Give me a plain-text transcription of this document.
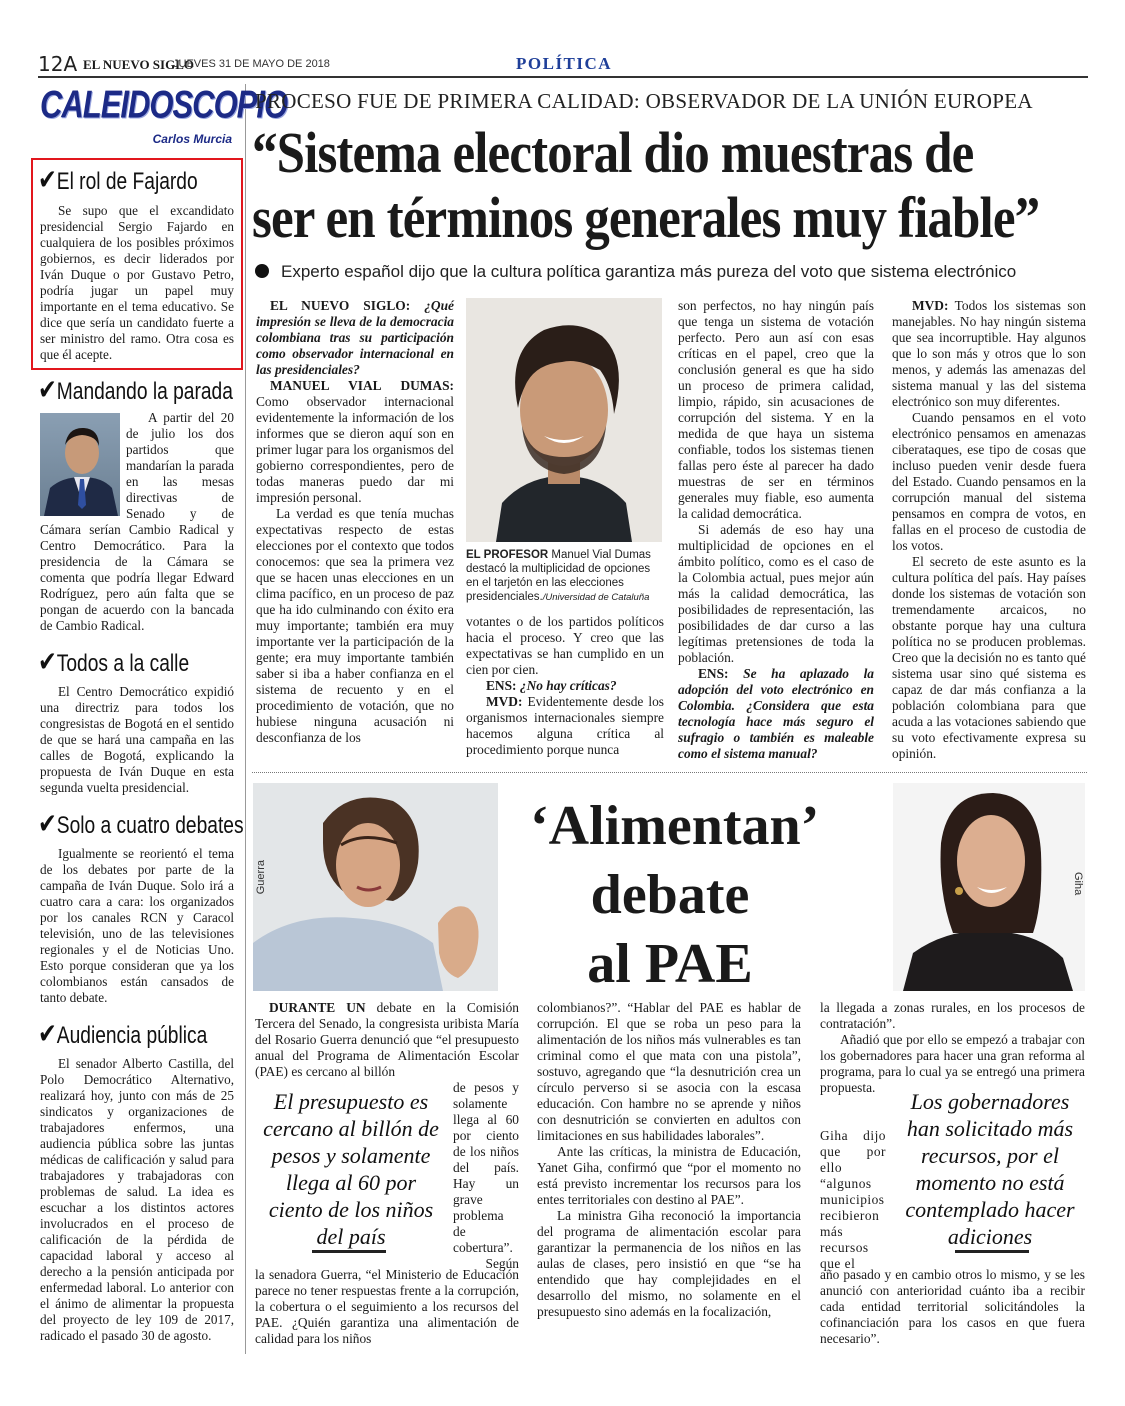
12A EL NUEVO SIGLO
JUEVES 31 DE MAYO DE 2018	POLÍTICA
CALEIDOSCOPIO
Carlos Murcia
✔El rol de Fajardo

Se supo que el excandidato presidencial Sergio Fajardo en cualquiera de los posibles próximos gobiernos, es decir liderados por Iván Duque o por Gustavo Petro, podría jugar un papel muy importante en el tema educativo. Se dice que sería un candidato fuerte a ser ministro del ramo. Otra cosa es que él acepte.

✔Mandando la parada

A partir del 20 de julio los dos partidos que mandarían la parada en las mesas directivas de Senado y de Cámara serían Cambio Radical y Centro Democrático. Para la presidencia de la Cámara se comenta que podría llegar Edward Rodríguez, pero aún falta que se pongan de acuerdo con la bancada de Cambio Radical.

✔Todos a la calle

El Centro Democrático expidió una directriz para todos los congresistas de Bogotá en el sentido de que se hará una campaña en las calles de Bogotá, explicando la propuesta de Iván Duque en esta segunda vuelta presidencial.

✔Solo a cuatro debates

Igualmente se reorientó el tema de los debates por parte de la campaña de Iván Duque. Solo irá a cuatro cara a cara: los organizados por los canales RCN y Caracol televisión, uno de las televisiones regionales y el de Noticias Uno. Esto porque consideran que ya los colombianos están cansados de tanto debate.

✔Audiencia pública

El senador Alberto Castilla, del Polo Democrático Alternativo, realizará hoy, junto con más de 25 sindicatos y organizaciones de trabajadores enfermos, una audiencia pública sobre las juntas médicas de calificación y salud para trabajadores y trabajadoras con problemas de salud. La idea es escuchar a los distintos actores involucrados en el proceso de calificación de la pérdida de capacidad laboral y acceso al derecho a la pensión anticipada por enfermedad laboral. Lo anterior con el ánimo de alimentar la propuesta del proyecto de ley 109 de 2017, radicado el pasado 30 de agosto.

PROCESO FUE DE PRIMERA CALIDAD: OBSERVADOR DE LA UNIÓN EUROPEA
“Sistema electoral dio muestras de
ser en términos generales muy fiable”
Experto español dijo que la cultura política garantiza más pureza del voto que sistema electrónico

EL NUEVO SIGLO: ¿Qué impresión se lleva de la democracia colombiana tras su participación como observador internacional en las presidenciales?

MANUEL VIAL DUMAS: Como observador internacional evidentemente la información de los informes que se dieron aquí son en primer lugar para los organismos del gobierno correspondientes, pero de todas maneras puedo dar mi impresión personal.

La verdad es que tenía muchas expectativas respecto de estas elecciones por el contexto que todos conocemos: que sea la primera vez que se hacen unas elecciones en un clima pacífico, en un proceso de paz que ha ido culminando con éxito era muy importante; también era muy importante ver la participación de la gente; era muy importante también saber si iba a haber confianza en el sistema de recuento y en el procedimiento de votación, que no hubiese ninguna acusación ni desconfianza de los

EL PROFESOR Manuel Vial Dumas destacó la multiplicidad de opciones en el tarjetón en las elecciones presidenciales./Universidad de Cataluña

votantes o de los partidos políticos hacia el proceso. Y creo que las expectativas se han cumplido en un cien por cien.

ENS: ¿No hay críticas?

MVD: Evidentemente desde los organismos internacionales siempre hacemos alguna crítica al procedimiento porque nunca

son perfectos, no hay ningún país que tenga un sistema de votación perfecto. Pero aun así con esas críticas en el papel, creo que la conclusión general es que ha sido un proceso de primera calidad, limpio, rápido, sin acusaciones de corrupción del sistema. Y en la medida de que haya un sistema confiable, todos los sistemas tienen fallas pero éste al parecer ha dado muestras de ser en términos generales muy fiable, eso aumenta la calidad democrática.

Si además de eso hay una multiplicidad de opciones en el ámbito político, como es el caso de la Colombia actual, pues mejor aún más la calidad democrática, las posibilidades de representación, las posibilidades de dar curso a las legítimas pretensiones de toda la población.

ENS: Se ha aplazado la adopción del voto electrónico en Colombia. ¿Considera que esta tecnología hace más seguro el sufragio o también es maleable como el sistema manual?

MVD: Todos los sistemas son manejables. No hay ningún sistema que sea incorruptible. Hay algunos que lo son más y otros que lo son menos, y además las amenazas del sistema manual y las del sistema electrónico son muy diferentes.

Cuando pensamos en el voto electrónico pensamos en amenazas ciberataques, ese tipo de cosas que incluso pueden venir desde fuera del Estado. Cuando pensamos en la corrupción manual del sistema pensamos en compra de votos, en fallas en el proceso de custodia de los votos.

El secreto de este asunto es la cultura política del país. Hay países donde los sistemas de votación son tremendamente arcaicos, no obstante porque hay una cultura política no se producen problemas. Creo que la decisión no es tanto qué sistema usar sino qué sistema es capaz de dar más confianza a la población colombiana para que acuda a las votaciones sabiendo que su voto efectivamente expresa su opinión.

Guerra
‘Alimentan’
debate
al PAE
Giha

DURANTE UN debate en la Comisión Tercera del Senado, la congresista uribista María del Rosario Guerra denunció que “el presupuesto anual del Programa de Alimentación Escolar (PAE) es cercano al billón

de pesos y solamente llega al 60 por ciento de los niños del país. Hay un grave problema de cobertura”.

Según

El presupuesto es cercano al billón de pesos y solamente llega al 60 por ciento de los niños del país

la senadora Guerra, “el Ministerio de Educación parece no tener respuestas frente a la corrupción, la cobertura o el seguimiento a los recursos del PAE. ¿Quién garantiza una alimentación de calidad para los niños

colombianos?”. “Hablar del PAE es hablar de corrupción. El que se roba un peso para la alimentación de los niños más vulnerables es tan criminal como el que mata con una pistola”, sostuvo, agregando que “la desnutrición crea un círculo perverso si se asocia con la escasa educación. Con hambre no se aprende y niños con desnutrición se convierten en adultos con limitaciones en sus habilidades laborales”.

Ante las críticas, la ministra de Educación, Yanet Giha, confirmó que “por el momento no está previsto incrementar los recursos para los entes territoriales con destino al PAE”.

La ministra Giha reconoció la importancia del programa de alimentación escolar para garantizar la permanencia de los niños en las aulas de clases, pero insistió en que “se ha entendido que hay complejidades en el desarrollo del mismo, no solamente en el presupuesto sino además en la focalización,

la llegada a zonas rurales, en los procesos de contratación”.

Añadió que por ello se empezó a trabajar con los gobernadores para hacer una gran reforma al programa, para lo cual ya se entregó una primera propuesta.

Giha dijo que por ello “algunos municipios recibieron más recursos que el

Los gobernadores han solicitado más recursos, por el momento no está contemplado hacer adiciones

año pasado y en cambio otros lo mismo, y se les anunció con anterioridad cuánto iba a recibir cada entidad territorial solicitándoles la cofinanciación para los casos en que fuera necesario”.
